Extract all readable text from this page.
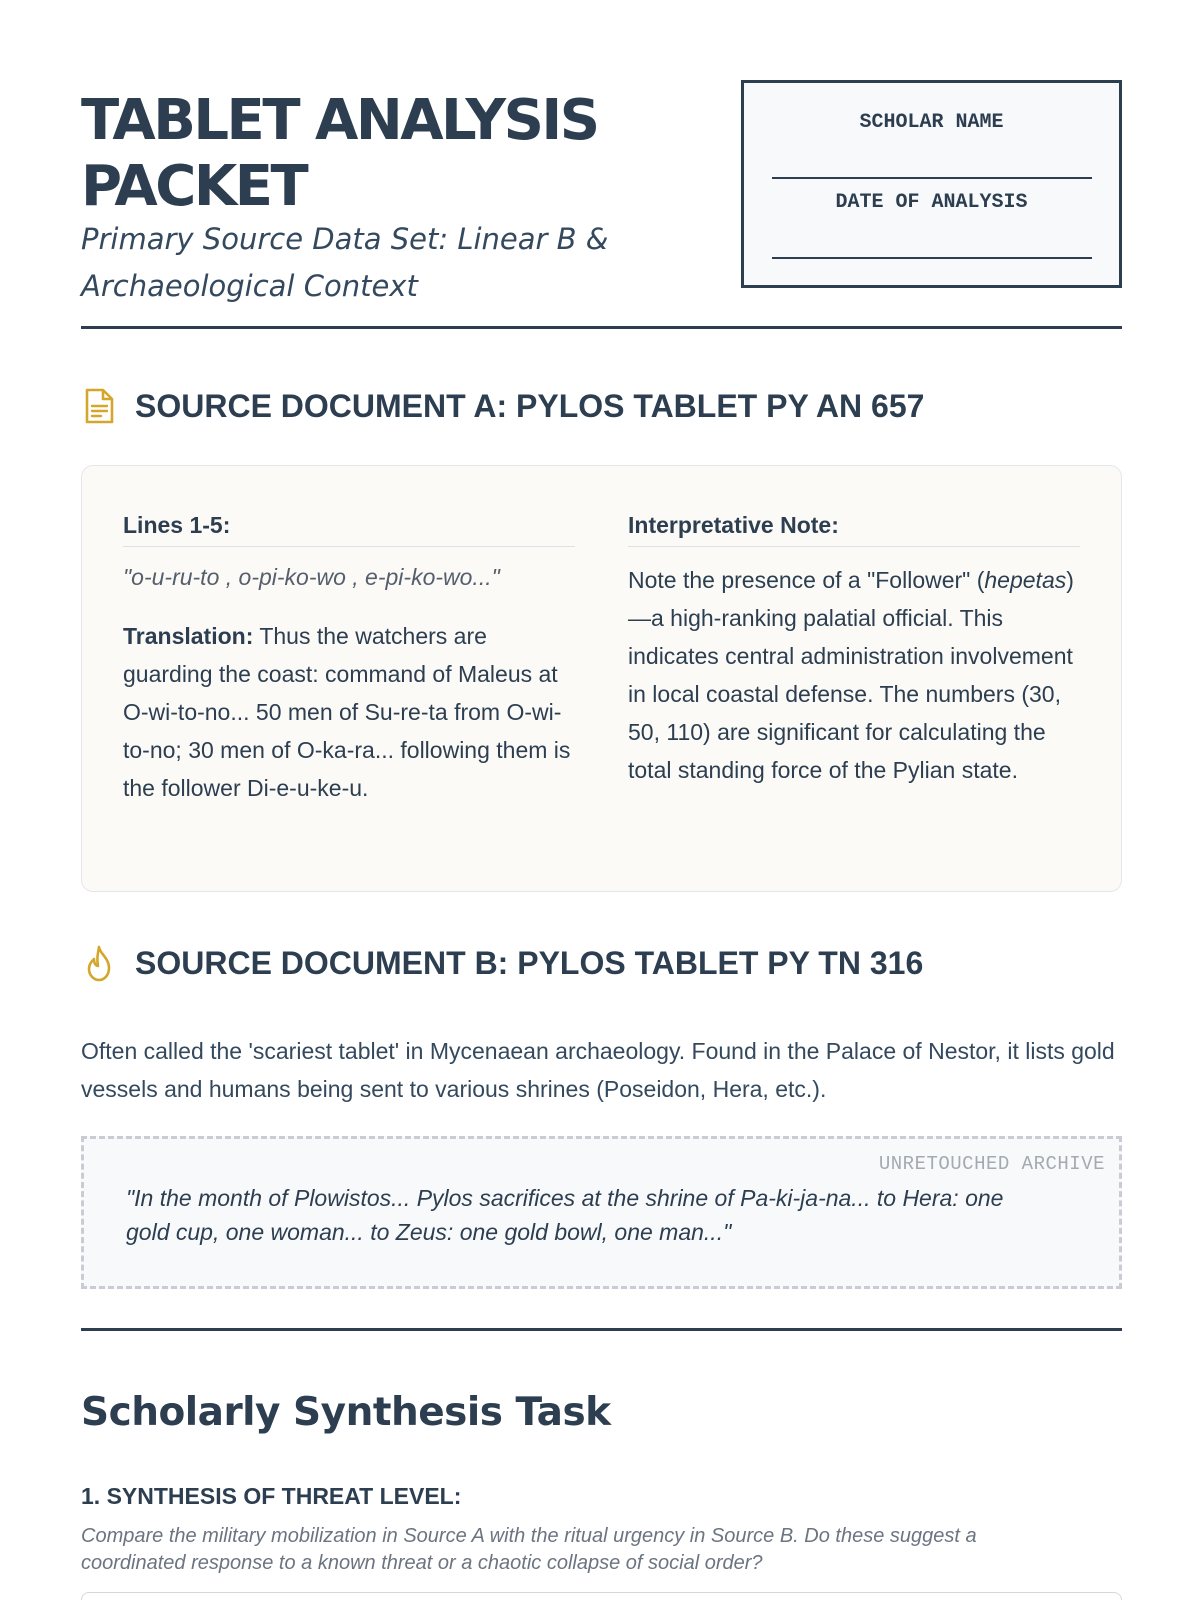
TABLET ANALYSIS PACKET
Primary Source Data Set: Linear B & Archaeological Context
SCHOLAR NAME
DATE OF ANALYSIS
SOURCE DOCUMENT A: PYLOS TABLET PY AN 657
Lines 1-5:
"o-u-ru-to , o-pi-ko-wo , e-pi-ko-wo..."
Translation: Thus the watchers are guarding the coast: command of Maleus at O-wi-to-no... 50 men of Su-re-ta from O-wi-to-no; 30 men of O-ka-ra... following them is the follower Di-e-u-ke-u.
Interpretative Note:
Note the presence of a "Follower" (hepetas)—a high-ranking palatial official. This indicates central administration involvement in local coastal defense. The numbers (30, 50, 110) are significant for calculating the total standing force of the Pylian state.
SOURCE DOCUMENT B: PYLOS TABLET PY TN 316

Often called the 'scariest tablet' in Mycenaean archaeology. Found in the Palace of Nestor, it lists gold vessels and humans being sent to various shrines (Poseidon, Hera, etc.).

UNRETOUCHED ARCHIVE
"In the month of Plowistos... Pylos sacrifices at the shrine of Pa-ki-ja-na... to Hera: one gold cup, one woman... to Zeus: one gold bowl, one man..."
Scholarly Synthesis Task
1. SYNTHESIS OF THREAT LEVEL:

Compare the military mobilization in Source A with the ritual urgency in Source B. Do these suggest a coordinated response to a known threat or a chaotic collapse of social order?
